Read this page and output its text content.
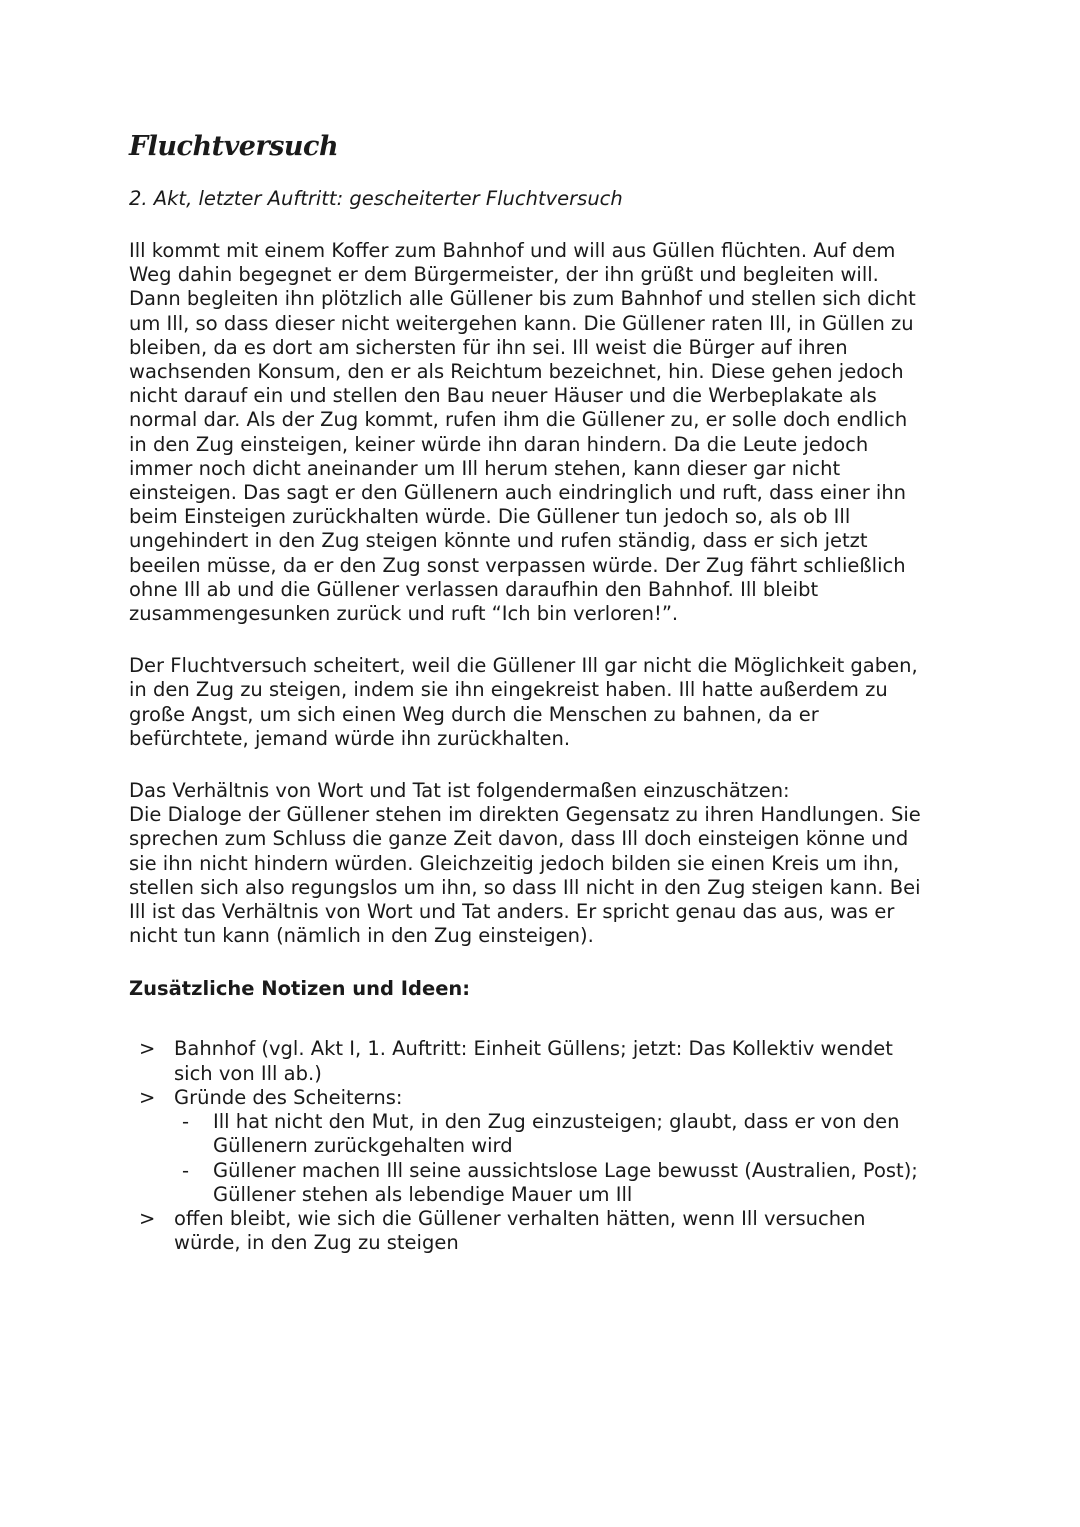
Fluchtversuch
2. Akt, letzter Auftritt: gescheiterter Fluchtversuch
Ill kommt mit einem Koffer zum Bahnhof und will aus Güllen flüchten. Auf dem
Weg dahin begegnet er dem Bürgermeister, der ihn grüßt und begleiten will.
Dann begleiten ihn plötzlich alle Güllener bis zum Bahnhof und stellen sich dicht
um Ill, so dass dieser nicht weitergehen kann. Die Güllener raten Ill, in Güllen zu
bleiben, da es dort am sichersten für ihn sei. Ill weist die Bürger auf ihren
wachsenden Konsum, den er als Reichtum bezeichnet, hin. Diese gehen jedoch
nicht darauf ein und stellen den Bau neuer Häuser und die Werbeplakate als
normal dar. Als der Zug kommt, rufen ihm die Güllener zu, er solle doch endlich
in den Zug einsteigen, keiner würde ihn daran hindern. Da die Leute jedoch
immer noch dicht aneinander um Ill herum stehen, kann dieser gar nicht
einsteigen. Das sagt er den Güllenern auch eindringlich und ruft, dass einer ihn
beim Einsteigen zurückhalten würde. Die Güllener tun jedoch so, als ob Ill
ungehindert in den Zug steigen könnte und rufen ständig, dass er sich jetzt
beeilen müsse, da er den Zug sonst verpassen würde. Der Zug fährt schließlich
ohne Ill ab und die Güllener verlassen daraufhin den Bahnhof. Ill bleibt
zusammengesunken zurück und ruft “Ich bin verloren!”.
Der Fluchtversuch scheitert, weil die Güllener Ill gar nicht die Möglichkeit gaben,
in den Zug zu steigen, indem sie ihn eingekreist haben. Ill hatte außerdem zu
große Angst, um sich einen Weg durch die Menschen zu bahnen, da er
befürchtete, jemand würde ihn zurückhalten.
Das Verhältnis von Wort und Tat ist folgendermaßen einzuschätzen:
Die Dialoge der Güllener stehen im direkten Gegensatz zu ihren Handlungen. Sie
sprechen zum Schluss die ganze Zeit davon, dass Ill doch einsteigen könne und
sie ihn nicht hindern würden. Gleichzeitig jedoch bilden sie einen Kreis um ihn,
stellen sich also regungslos um ihn, so dass Ill nicht in den Zug steigen kann. Bei
Ill ist das Verhältnis von Wort und Tat anders. Er spricht genau das aus, was er
nicht tun kann (nämlich in den Zug einsteigen).
Zusätzliche Notizen und Ideen:
> Bahnhof (vgl. Akt I, 1. Auftritt: Einheit Güllens; jetzt: Das Kollektiv wendet
sich von Ill ab.)
> Gründe des Scheiterns:
- Ill hat nicht den Mut, in den Zug einzusteigen; glaubt, dass er von den
Güllenern zurückgehalten wird
- Güllener machen Ill seine aussichtslose Lage bewusst (Australien, Post);
Güllener stehen als lebendige Mauer um Ill
> offen bleibt, wie sich die Güllener verhalten hätten, wenn Ill versuchen
würde, in den Zug zu steigen
